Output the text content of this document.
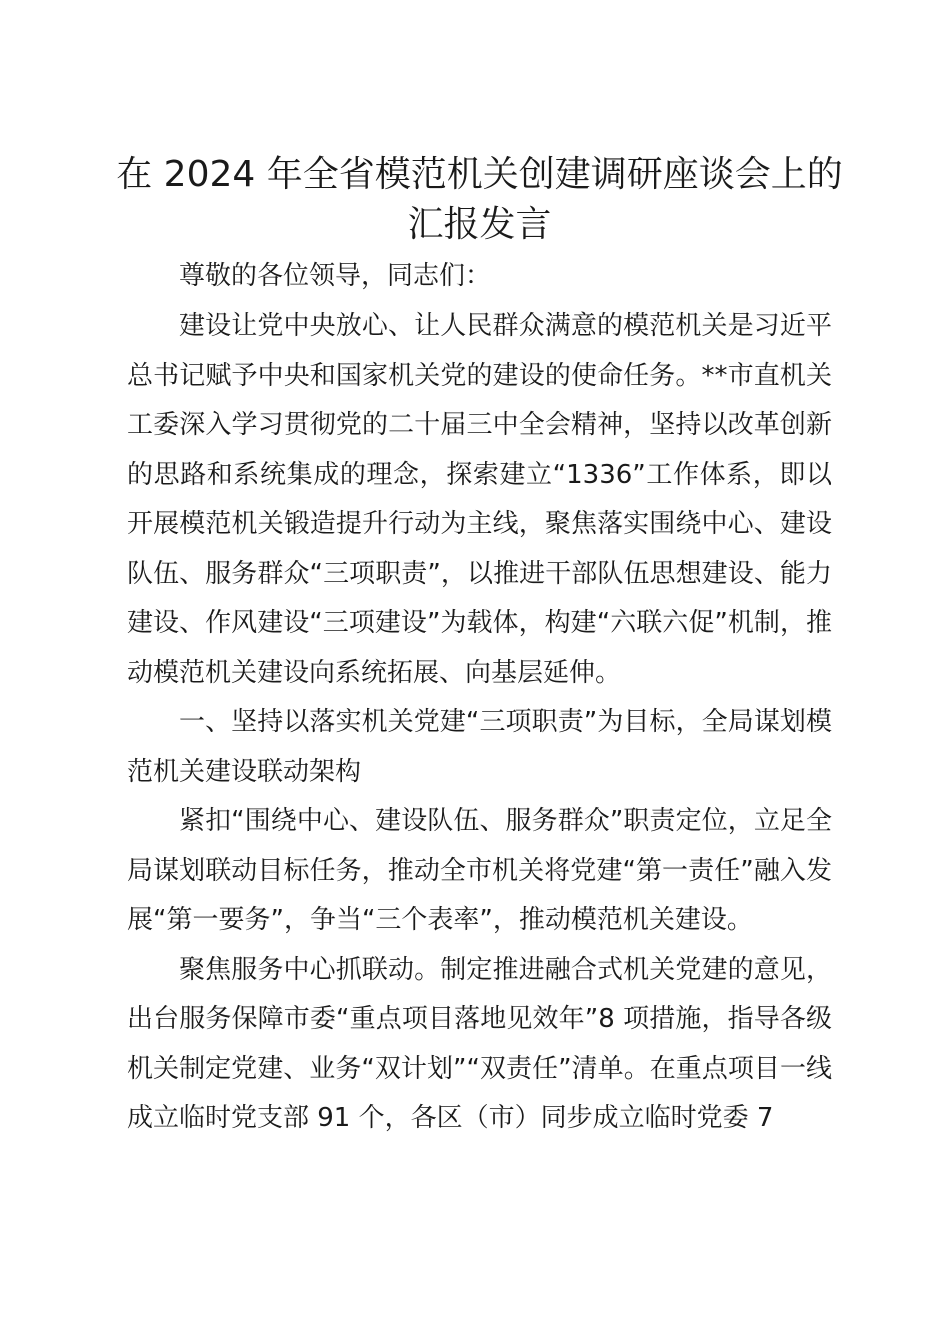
在 2024 年全省模范机关创建调研座谈会上的
汇报发言

尊敬的各位领导，同志们：

建设让党中央放心、让人民群众满意的模范机关是习近平总书记赋予中央和国家机关党的建设的使命任务。**市直机关工委深入学习贯彻党的二十届三中全会精神，坚持以改革创新的思路和系统集成的理念，探索建立“1336”工作体系，即以开展模范机关锻造提升行动为主线，聚焦落实围绕中心、建设队伍、服务群众“三项职责”，以推进干部队伍思想建设、能力建设、作风建设“三项建设”为载体，构建“六联六促”机制，推动模范机关建设向系统拓展、向基层延伸。

一、坚持以落实机关党建“三项职责”为目标，全局谋划模范机关建设联动架构

紧扣“围绕中心、建设队伍、服务群众”职责定位，立足全局谋划联动目标任务，推动全市机关将党建“第一责任”融入发展“第一要务”，争当“三个表率”，推动模范机关建设。

聚焦服务中心抓联动。制定推进融合式机关党建的意见，出台服务保障市委“重点项目落地见效年”8 项措施，指导各级机关制定党建、业务“双计划”“双责任”清单。在重点项目一线成立临时党支部 91 个，各区（市）同步成立临时党委 7
